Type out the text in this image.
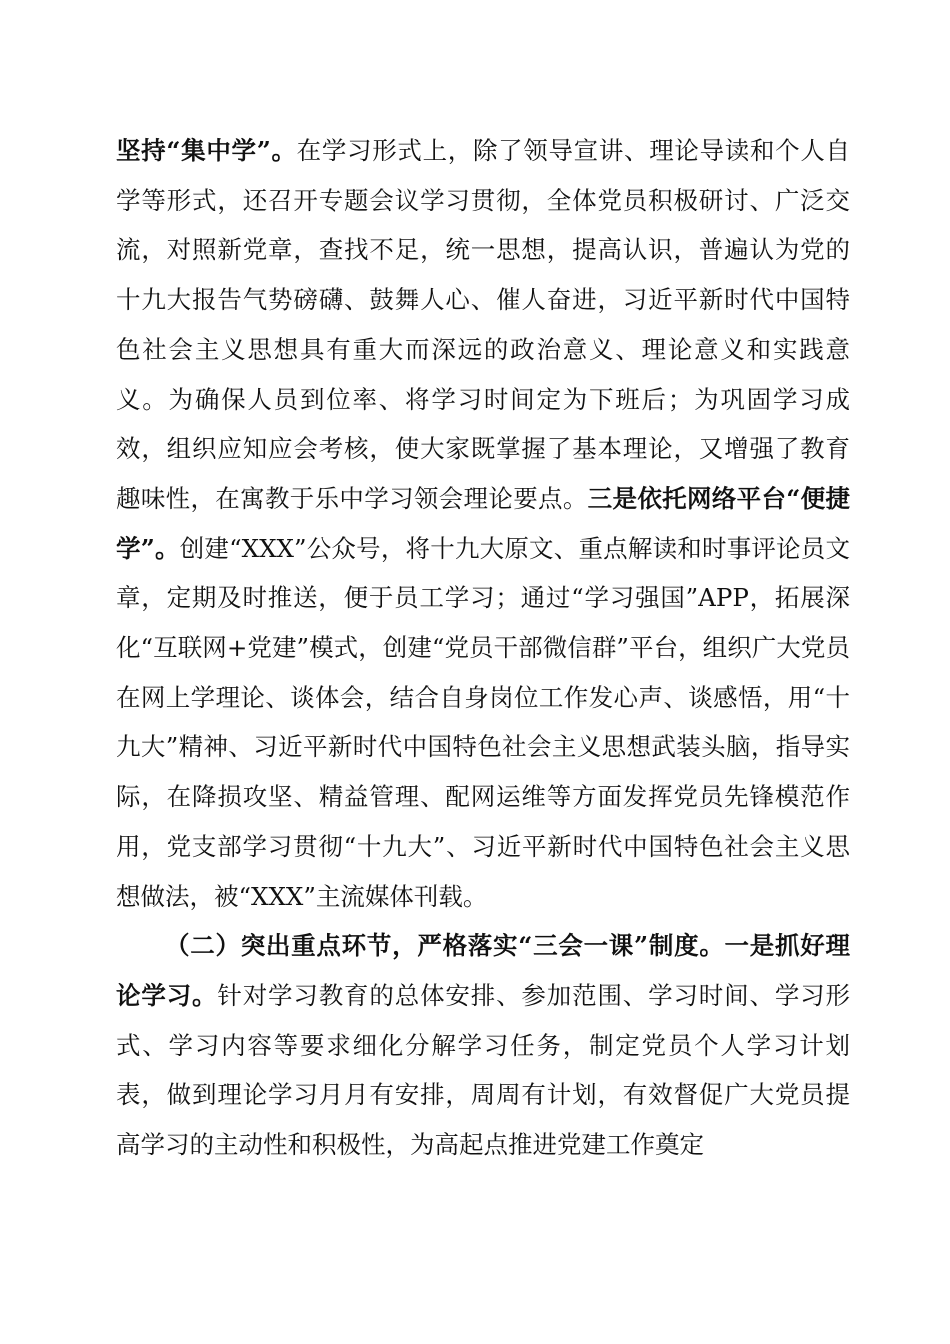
坚持“集中学”。在学习形式上，除了领导宣讲、理论导读和个人自学等形式，还召开专题会议学习贯彻，全体党员积极研讨、广泛交流，对照新党章，查找不足，统一思想，提高认识，普遍认为党的十九大报告气势磅礴、鼓舞人心、催人奋进，习近平新时代中国特色社会主义思想具有重大而深远的政治意义、理论意义和实践意义。为确保人员到位率、将学习时间定为下班后；为巩固学习成效，组织应知应会考核，使大家既掌握了基本理论，又增强了教育趣味性，在寓教于乐中学习领会理论要点。三是依托网络平台“便捷学”。创建“XXX”公众号，将十九大原文、重点解读和时事评论员文章，定期及时推送，便于员工学习；通过“学习强国”APP，拓展深化“互联网+党建”模式，创建“党员干部微信群”平台，组织广大党员在网上学理论、谈体会，结合自身岗位工作发心声、谈感悟，用“十九大”精神、习近平新时代中国特色社会主义思想武装头脑，指导实际，在降损攻坚、精益管理、配网运维等方面发挥党员先锋模范作用，党支部学习贯彻“十九大”、习近平新时代中国特色社会主义思想做法，被“XXX”主流媒体刊载。

（二）突出重点环节，严格落实“三会一课”制度。一是抓好理论学习。针对学习教育的总体安排、参加范围、学习时间、学习形式、学习内容等要求细化分解学习任务，制定党员个人学习计划表，做到理论学习月月有安排，周周有计划，有效督促广大党员提高学习的主动性和积极性，为高起点推进党建工作奠定
